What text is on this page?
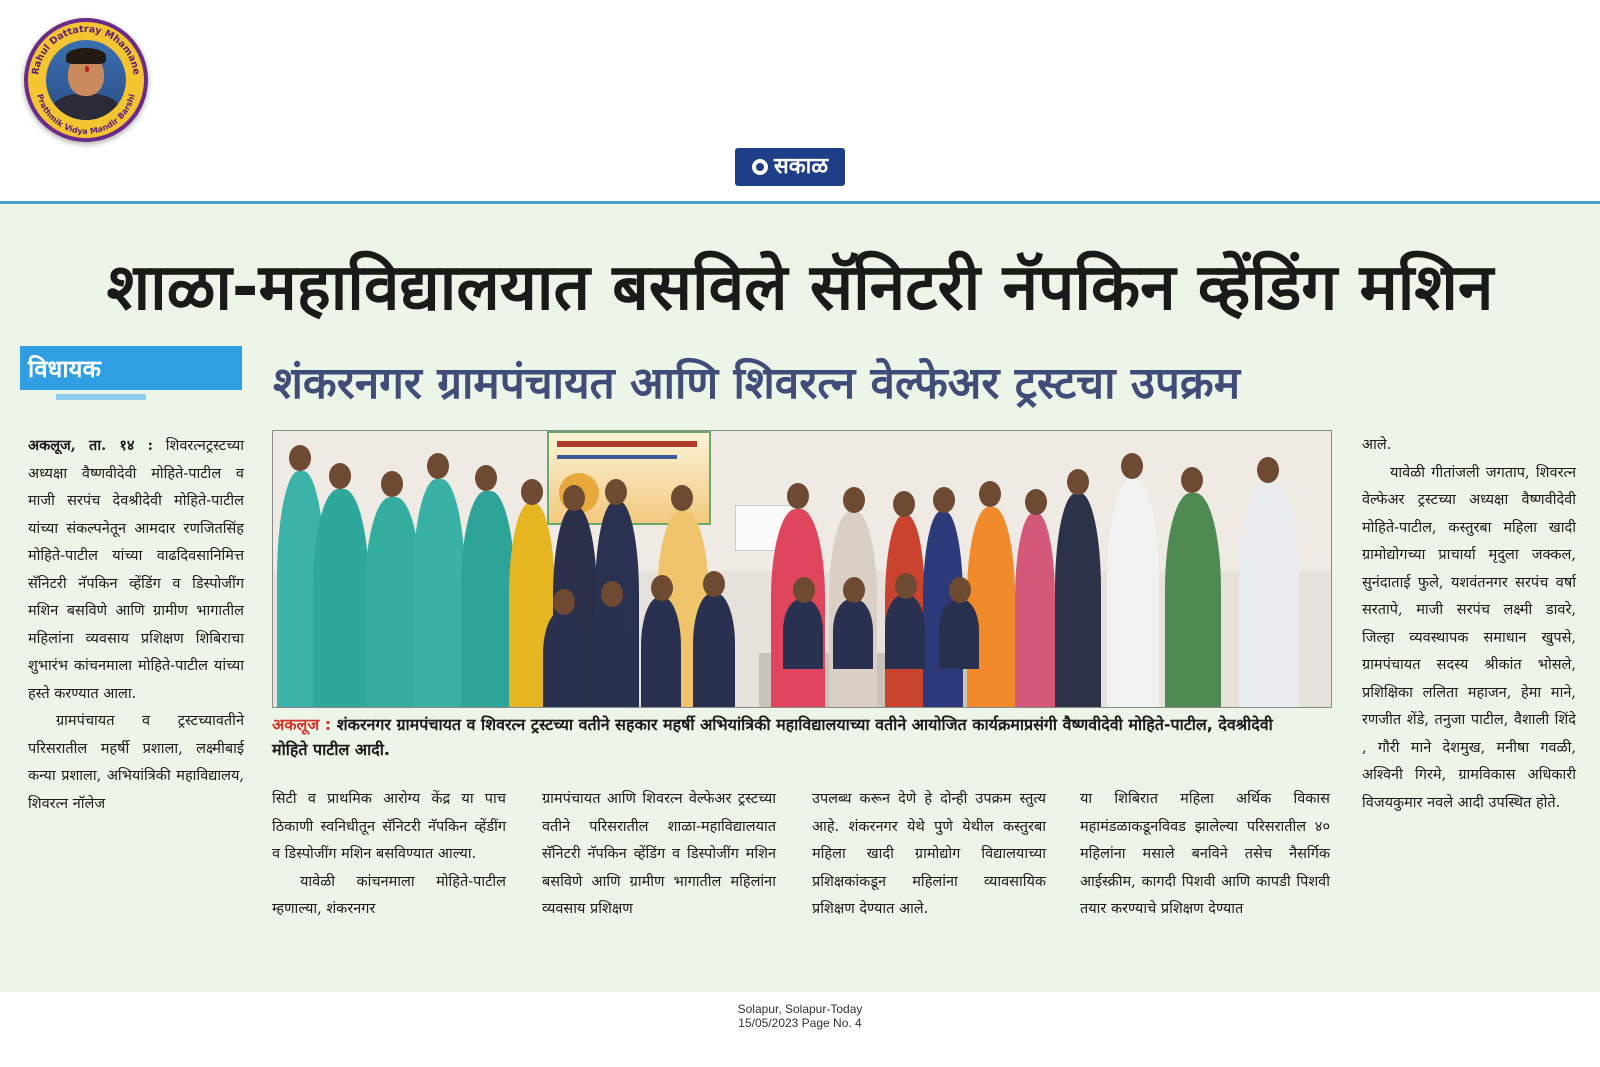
Rahul Dattatray Mhamane
Prathmik Vidya Mandir Barshi
सकाळ
शाळा-महाविद्यालयात बसविले सॅनिटरी नॅपकिन व्हेंडिंग मशिन
विधायक	शंकरनगर ग्रामपंचायत आणि शिवरत्न वेल्फेअर ट्रस्टचा उपक्रम
अकलूज : शंकरनगर ग्रामपंचायत व शिवरत्न ट्रस्टच्या वतीने सहकार महर्षी अभियांत्रिकी महाविद्यालयाच्या वतीने आयोजित कार्यक्रमाप्रसंगी वैष्णवीदेवी मोहिते-पाटील, देवश्रीदेवी मोहिते पाटील आदी.

अकलूज, ता. १४ : शिवरत्नट्रस्टच्या अध्यक्षा वैष्णवीदेवी मोहिते-पाटील व माजी सरपंच देवश्रीदेवी मोहिते-पाटील यांच्या संकल्पनेतून आमदार रणजितसिंह मोहिते-पाटील यांच्या वाढदिवसानिमित्त सॅनिटरी नॅपकिन व्हेंडिंग व डिस्पोजींग मशिन बसविणे आणि ग्रामीण भागातील महिलांना व्यवसाय प्रशिक्षण शिबिराचा शुभारंभ कांचनमाला मोहिते-पाटील यांच्या हस्ते करण्यात आला.

ग्रामपंचायत व ट्रस्टच्यावतीने परिसरातील महर्षी प्रशाला, लक्ष्मीबाई कन्या प्रशाला, अभियांत्रिकी महाविद्यालय, शिवरत्न नॉलेज	सिटी व प्राथमिक आरोग्य केंद्र या पाच ठिकाणी स्वनिधीतून सॅनिटरी नॅपकिन व्हेंडींग व डिस्पोजींग मशिन बसविण्यात आल्या.

यावेळी कांचनमाला मोहिते-पाटील म्हणाल्या, शंकरनगर

ग्रामपंचायत आणि शिवरत्न वेल्फेअर ट्रस्टच्या वतीने परिसरातील शाळा-महाविद्यालयात सॅनिटरी नॅपकिन व्हेंडिंग व डिस्पोजींग मशिन बसविणे आणि ग्रामीण भागातील महिलांना व्यवसाय प्रशिक्षण

उपलब्ध करून देणे हे दोन्ही उपक्रम स्तुत्य आहे. शंकरनगर येथे पुणे येथील कस्तुरबा महिला खादी ग्रामोद्योग विद्यालयाच्या प्रशिक्षकांकडून महिलांना व्यावसायिक प्रशिक्षण देण्यात आले.

या शिबिरात महिला अर्थिक विकास महामंडळाकडूनविवड झालेल्या परिसरातील ४० महिलांना मसाले बनविने तसेच नैसर्गिक आईस्क्रीम, कागदी पिशवी आणि कापडी पिशवी तयार करण्याचे प्रशिक्षण देण्यात

आले.

यावेळी गीतांजली जगताप, शिवरत्न वेल्फेअर ट्रस्टच्या अध्यक्षा वैष्णवीदेवी मोहिते-पाटील, कस्तुरबा महिला खादी ग्रामोद्योगच्या प्राचार्या मृदुला जक्कल, सुनंदाताई फुले, यशवंतनगर सरपंच वर्षा सरतापे, माजी सरपंच लक्ष्मी डावरे, जिल्हा व्यवस्थापक समाधान खुपसे, ग्रामपंचायत सदस्य श्रीकांत भोसले, प्रशिक्षिका ललिता महाजन, हेमा माने, रणजीत शेंडे, तनुजा पाटील, वैशाली शिंदे , गौरी माने देशमुख, मनीषा गवळी, अश्विनी गिरमे, ग्रामविकास अधिकारी विजयकुमार नवले आदी उपस्थित होते.

Solapur, Solapur-Today
15/05/2023 Page No. 4
